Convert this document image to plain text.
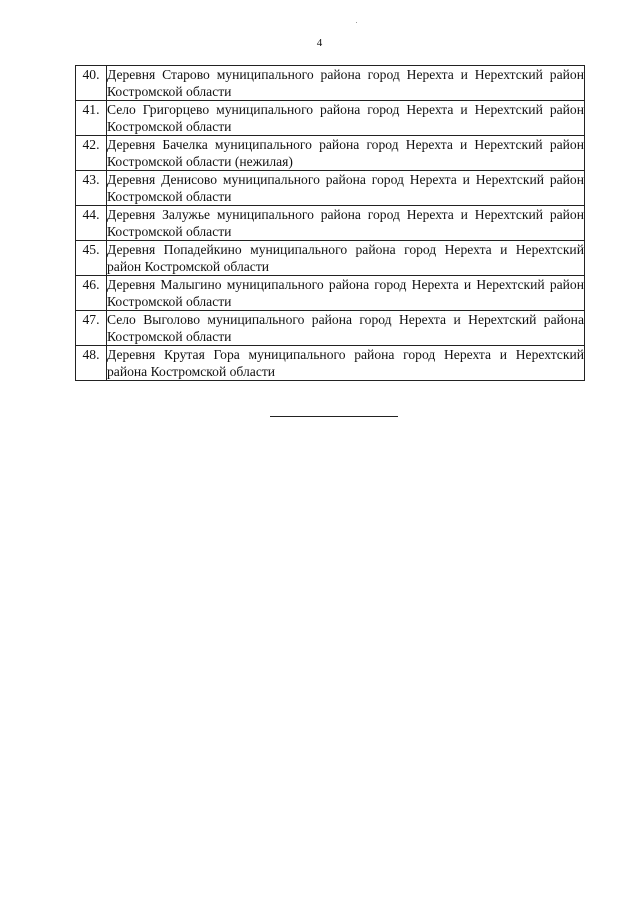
4
40.	Деревня Старово муниципального района город Нерехта и Нерехтский район Костромской области
41.	Село Григорцево муниципального района город Нерехта и Нерехтский район Костромской области
42.	Деревня Бачелка муниципального района город Нерехта и Нерехтский район Костромской области (нежилая)
43.	Деревня Денисово муниципального района город Нерехта и Нерехтский район Костромской области
44.	Деревня Залужье муниципального района город Нерехта и Нерехтский район Костромской области
45.	Деревня Попадейкино муниципального района город Нерехта и Нерехтский район Костромской области
46.	Деревня Малыгино муниципального района город Нерехта и Нерехтский район Костромской области
47.	Село Выголово муниципального района город Нерехта и Нерехтский района Костромской области
48.	Деревня Крутая Гора муниципального района город Нерехта и Нерехтский района Костромской области
